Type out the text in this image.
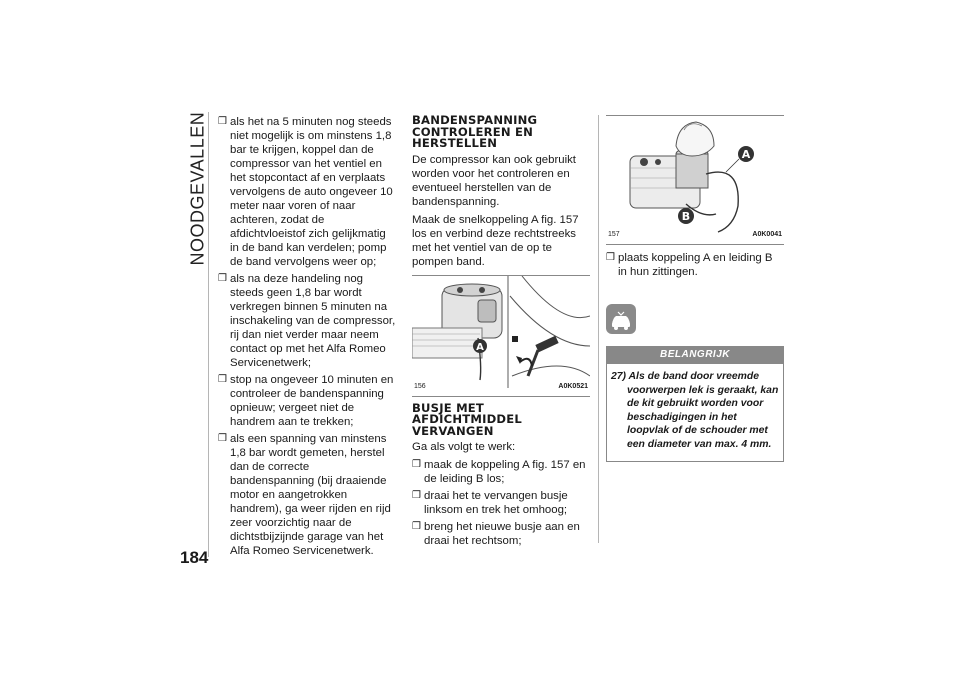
NOODGEVALLEN
184
❒ als het na 5 minuten nog steeds niet mogelijk is om minstens 1,8 bar te krijgen, koppel dan de compressor van het ventiel en het stopcontact af en verplaats vervolgens de auto ongeveer 10 meter naar voren of naar achteren, zodat de afdichtvloeistof zich gelijkmatig in de band kan verdelen; pomp de band vervolgens weer op;
❒ als na deze handeling nog steeds geen 1,8 bar wordt verkregen binnen 5 minuten na inschakeling van de compressor, rij dan niet verder maar neem contact op met het Alfa Romeo Servicenetwerk;
❒ stop na ongeveer 10 minuten en controleer de bandenspanning opnieuw; vergeet niet de handrem aan te trekken;
❒ als een spanning van minstens 1,8 bar wordt gemeten, herstel dan de correcte bandenspanning (bij draaiende motor en aangetrokken handrem), ga weer rijden en rijd zeer voorzichtig naar de dichtstbijzijnde garage van het Alfa Romeo Servicenetwerk.
BANDENSPANNING CONTROLEREN EN HERSTELLEN

De compressor kan ook gebruikt worden voor het controleren en eventueel herstellen van de bandenspanning.

Maak de snelkoppeling A fig. 157 los en verbind deze rechtstreeks met het ventiel van de op te pompen band.

A
156	A0K0521
BUSJE MET AFDICHTMIDDEL VERVANGEN

Ga als volgt te werk:

❒ maak de koppeling A fig. 157 en de leiding B los;
❒ draai het te vervangen busje linksom en trek het omhoog;
❒ breng het nieuwe busje aan en draai het rechtsom;
A
B
157	A0K0041
❒ plaats koppeling A en leiding B in hun zittingen.
BELANGRIJK
27) Als de band door vreemde voorwerpen lek is geraakt, kan de kit gebruikt worden voor beschadigingen in het loopvlak of de schouder met een diameter van max. 4 mm.
